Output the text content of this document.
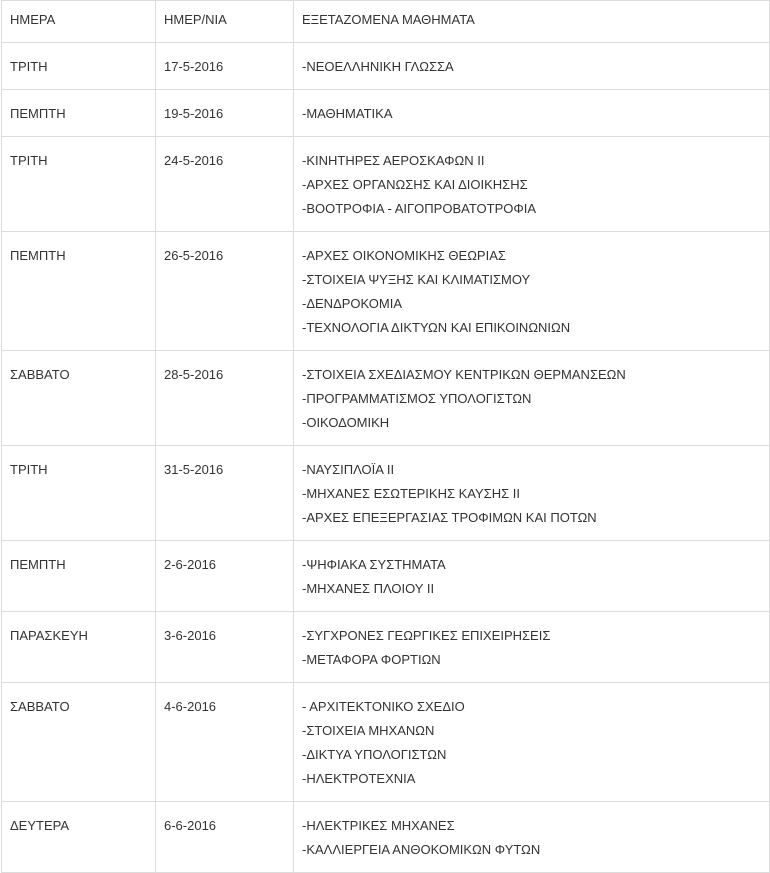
ΗΜΕΡΑ	ΗΜΕΡ/ΝΙΑ	ΕΞΕΤΑΖΟΜΕΝΑ ΜΑΘΗΜΑΤΑ
ΤΡΙΤΗ	17-5-2016	-ΝΕΟΕΛΛΗΝΙΚΗ ΓΛΩΣΣΑ

ΠΕΜΠΤΗ	19-5-2016	-ΜΑΘΗΜΑΤΙΚΑ

ΤΡΙΤΗ	24-5-2016	-ΚΙΝΗΤΗΡΕΣ ΑΕΡΟΣΚΑΦΩΝ ΙΙ
-ΑΡΧΕΣ ΟΡΓΑΝΩΣΗΣ ΚΑΙ ΔΙΟΙΚΗΣΗΣ
-ΒΟΟΤΡΟΦΙΑ - ΑΙΓΟΠΡΟΒΑΤΟΤΡΟΦΙΑ

ΠΕΜΠΤΗ	26-5-2016	-ΑΡΧΕΣ ΟΙΚΟΝΟΜΙΚΗΣ ΘΕΩΡΙΑΣ
-ΣΤΟΙΧΕΙΑ ΨΥΞΗΣ ΚΑΙ ΚΛΙΜΑΤΙΣΜΟΥ
-ΔΕΝΔΡΟΚΟΜΙΑ
-ΤΕΧΝΟΛΟΓΙΑ ΔΙΚΤΥΩΝ ΚΑΙ ΕΠΙΚΟΙΝΩΝΙΩΝ

ΣΑΒΒΑΤΟ	28-5-2016	-ΣΤΟΙΧΕΙΑ ΣΧΕΔΙΑΣΜΟΥ ΚΕΝΤΡΙΚΩΝ ΘΕΡΜΑΝΣΕΩΝ
-ΠΡΟΓΡΑΜΜΑΤΙΣΜΟΣ ΥΠΟΛΟΓΙΣΤΩΝ
-ΟΙΚΟΔΟΜΙΚΗ

ΤΡΙΤΗ	31-5-2016	-ΝΑΥΣΙΠΛΟΪΑ ΙΙ
-ΜΗΧΑΝΕΣ ΕΣΩΤΕΡΙΚΗΣ ΚΑΥΣΗΣ ΙΙ
-ΑΡΧΕΣ ΕΠΕΞΕΡΓΑΣΙΑΣ ΤΡΟΦΙΜΩΝ ΚΑΙ ΠΟΤΩΝ

ΠΕΜΠΤΗ	2-6-2016	-ΨΗΦΙΑΚΑ ΣΥΣΤΗΜΑΤΑ
-ΜΗΧΑΝΕΣ ΠΛΟΙΟΥ ΙΙ

ΠΑΡΑΣΚΕΥΗ	3-6-2016	-ΣΥΓΧΡΟΝΕΣ ΓΕΩΡΓΙΚΕΣ ΕΠΙΧΕΙΡΗΣΕΙΣ
-ΜΕΤΑΦΟΡΑ ΦΟΡΤΙΩΝ

ΣΑΒΒΑΤΟ	4-6-2016	- ΑΡΧΙΤΕΚΤΟΝΙΚΟ ΣΧΕΔΙΟ
-ΣΤΟΙΧΕΙΑ ΜΗΧΑΝΩΝ
-ΔΙΚΤΥΑ ΥΠΟΛΟΓΙΣΤΩΝ
-ΗΛΕΚΤΡΟΤΕΧΝΙΑ

ΔΕΥΤΕΡΑ	6-6-2016	-ΗΛΕΚΤΡΙΚΕΣ ΜΗΧΑΝΕΣ
-ΚΑΛΛΙΕΡΓΕΙΑ ΑΝΘΟΚΟΜΙΚΩΝ ΦΥΤΩΝ
